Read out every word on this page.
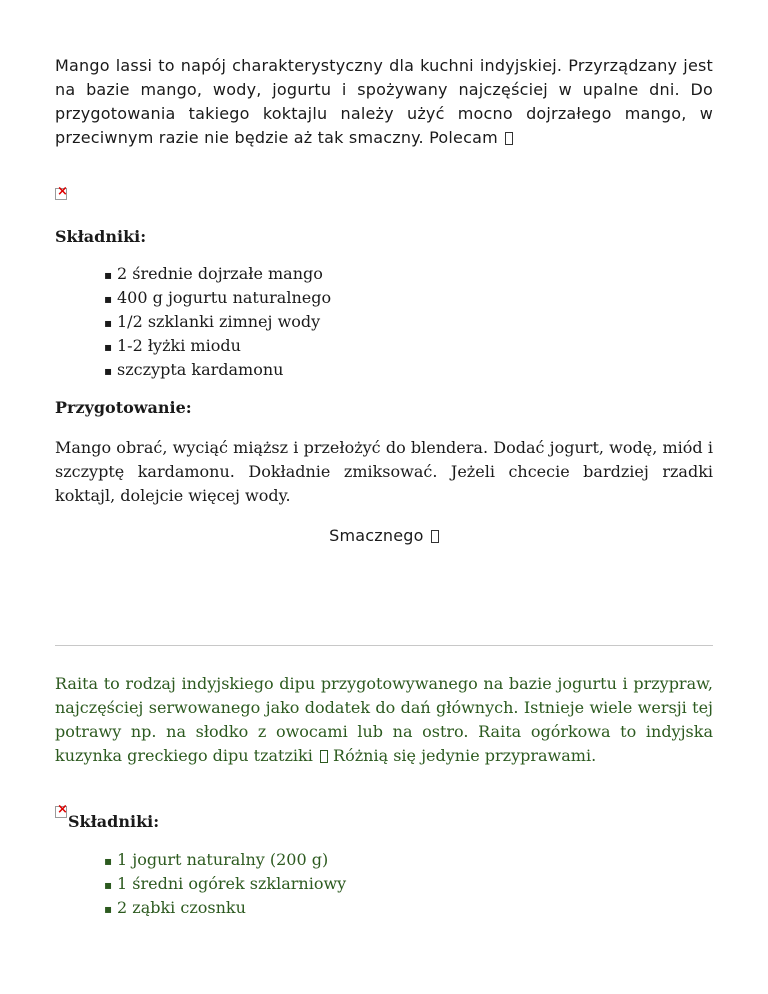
Mango lassi to napój charakterystyczny dla kuchni indyjskiej. Przyrządzany jest na bazie mango, wody, jogurtu i spożywany najczęściej w upalne dni. Do przygotowania takiego koktajlu należy użyć mocno dojrzałego mango, w przeciwnym razie nie będzie aż tak smaczny. Polecam

×

Składniki:

▪ 2 średnie dojrzałe mango
▪ 400 g jogurtu naturalnego
▪ 1/2 szklanki zimnej wody
▪ 1-2 łyżki miodu
▪ szczypta kardamonu

Przygotowanie:

Mango obrać, wyciąć miąższ i przełożyć do blendera. Dodać jogurt, wodę, miód i szczyptę kardamonu. Dokładnie zmiksować. Jeżeli chcecie bardziej rzadki koktajl, dolejcie więcej wody.

Smacznego

Raita to rodzaj indyjskiego dipu przygotowywanego na bazie jogurtu i przypraw, najczęściej serwowanego jako dodatek do dań głównych. Istnieje wiele wersji tej potrawy np. na słodko z owocami lub na ostro. Raita ogórkowa to indyjska kuzynka greckiego dipu tzatziki Różnią się jedynie przyprawami.

×

Składniki:

▪ 1 jogurt naturalny (200 g)
▪ 1 średni ogórek szklarniowy
▪ 2 ząbki czosnku
